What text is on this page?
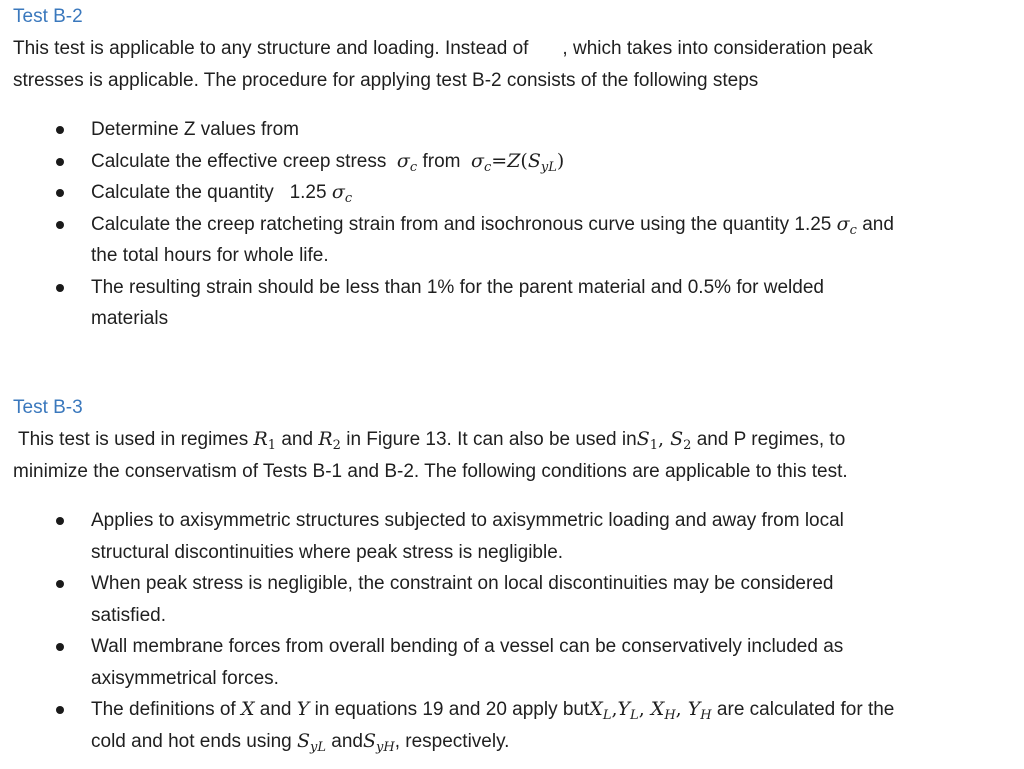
Test B-2
This test is applicable to any structure and loading. Instead of , which takes into consideration peak
stresses is applicable. The procedure for applying test B-2 consists of the following steps
Determine Z values from
Calculate the effective creep stress $\sigma_c$ from $\sigma_c=Z(S_{yL})$
Calculate the quantity 1.25 $\sigma_c$
Calculate the creep ratcheting strain from and isochronous curve using the quantity 1.25 $\sigma_c$ and
the total hours for whole life.
The resulting strain should be less than 1% for the parent material and 0.5% for welded
materials
Test B-3
This test is used in regimes $R_1$ and $R_2$ in Figure 13. It can also be used inS$_1$, $S_2$ and P regimes, to
minimize the conservatism of Tests B-1 and B-2. The following conditions are applicable to this test.
Applies to axisymmetric structures subjected to axisymmetric loading and away from local
structural discontinuities where peak stress is negligible.
When peak stress is negligible, the constraint on local discontinuities may be considered
satisfied.
Wall membrane forces from overall bending of a vessel can be conservatively included as
axisymmetrical forces.
The definitions of X and Y in equations 19 and 20 apply $butX_L,Y_L$, $X_H$, $Y_H$ are calculated for the
cold and hot ends using $S_{yL}$ andS$_{yH}$, respectively.
